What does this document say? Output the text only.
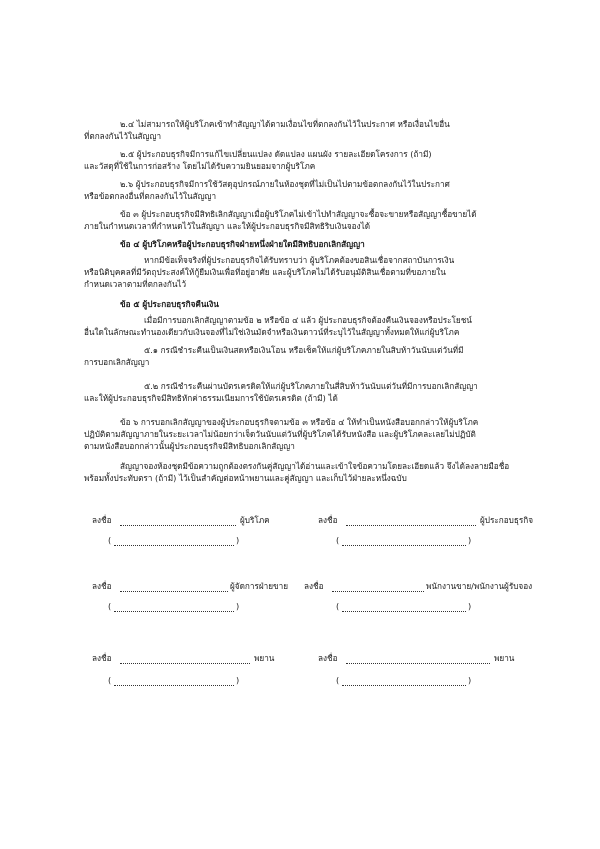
๒.๔ ไม่สามารถให้ผู้บริโภคเข้าทำสัญญาได้ตามเงื่อนไขที่ตกลงกันไว้ในประกาศ หรือเงื่อนไขอื่น
ที่ตกลงกันไว้ในสัญญา
๒.๕ ผู้ประกอบธุรกิจมีการแก้ไขเปลี่ยนแปลง ดัดแปลง แผนผัง รายละเอียดโครงการ (ถ้ามี)
และวัสดุที่ใช้ในการก่อสร้าง โดยไม่ได้รับความยินยอมจากผู้บริโภค
๒.๖ ผู้ประกอบธุรกิจมีการใช้วัสดุอุปกรณ์ภายในห้องชุดที่ไม่เป็นไปตามข้อตกลงกันไว้ในประกาศ
หรือข้อตกลงอื่นที่ตกลงกันไว้ในสัญญา
ข้อ ๓ ผู้ประกอบธุรกิจมีสิทธิเลิกสัญญาเมื่อผู้บริโภคไม่เข้าไปทำสัญญาจะซื้อจะขายหรือสัญญาซื้อขายได้
ภายในกำหนดเวลาที่กำหนดไว้ในสัญญา และให้ผู้ประกอบธุรกิจมีสิทธิริบเงินจองได้
ข้อ ๔ ผู้บริโภคหรือผู้ประกอบธุรกิจฝ่ายหนึ่งฝ่ายใดมีสิทธิบอกเลิกสัญญา
หากมีข้อเท็จจริงที่ผู้ประกอบธุรกิจได้รับทราบว่า ผู้บริโภคต้องขอสินเชื่อจากสถาบันการเงิน
หรือนิติบุคคลที่มีวัตถุประสงค์ให้กู้ยืมเงินเพื่อที่อยู่อาศัย และผู้บริโภคไม่ได้รับอนุมัติสินเชื่อตามที่ขอภายใน
กำหนดเวลาตามที่ตกลงกันไว้
ข้อ ๕ ผู้ประกอบธุรกิจคืนเงิน
เมื่อมีการบอกเลิกสัญญาตามข้อ ๒ หรือข้อ ๔ แล้ว ผู้ประกอบธุรกิจต้องคืนเงินจองหรือประโยชน์
อื่นใดในลักษณะทำนองเดียวกับเงินจองที่ไม่ใช่เงินมัดจำหรือเงินดาวน์ที่ระบุไว้ในสัญญาทั้งหมดให้แก่ผู้บริโภค
๕.๑ กรณีชำระคืนเป็นเงินสดหรือเงินโอน หรือเช็คให้แก่ผู้บริโภคภายในสิบห้าวันนับแต่วันที่มี
การบอกเลิกสัญญา
๕.๒ กรณีชำระคืนผ่านบัตรเครดิตให้แก่ผู้บริโภคภายในสี่สิบห้าวันนับแต่วันที่มีการบอกเลิกสัญญา
และให้ผู้ประกอบธุรกิจมีสิทธิหักค่าธรรมเนียมการใช้บัตรเครดิต (ถ้ามี) ได้
ข้อ ๖ การบอกเลิกสัญญาของผู้ประกอบธุรกิจตามข้อ ๓ หรือข้อ ๔ ให้ทำเป็นหนังสือบอกกล่าวให้ผู้บริโภค
ปฏิบัติตามสัญญาภายในระยะเวลาไม่น้อยกว่าเจ็ดวันนับแต่วันที่ผู้บริโภคได้รับหนังสือ และผู้บริโภคละเลยไม่ปฏิบัติ
ตามหนังสือบอกกล่าวนั้นผู้ประกอบธุรกิจมีสิทธิบอกเลิกสัญญา
สัญญาจองห้องชุดมีข้อความถูกต้องตรงกันคู่สัญญาได้อ่านและเข้าใจข้อความโดยละเอียดแล้ว จึงได้ลงลายมือชื่อ
พร้อมทั้งประทับตรา (ถ้ามี) ไว้เป็นสำคัญต่อหน้าพยานและคู่สัญญา และเก็บไว้ฝ่ายละหนึ่งฉบับ
ลงชื่อ	ผู้บริโภค
(	)
ลงชื่อ	ผู้ประกอบธุรกิจ
(	)
ลงชื่อ	ผู้จัดการฝ่ายขาย
(	)
ลงชื่อ	พนักงานขาย/พนักงานผู้รับจอง
(	)
ลงชื่อ	พยาน
(	)
ลงชื่อ	พยาน
(	)
